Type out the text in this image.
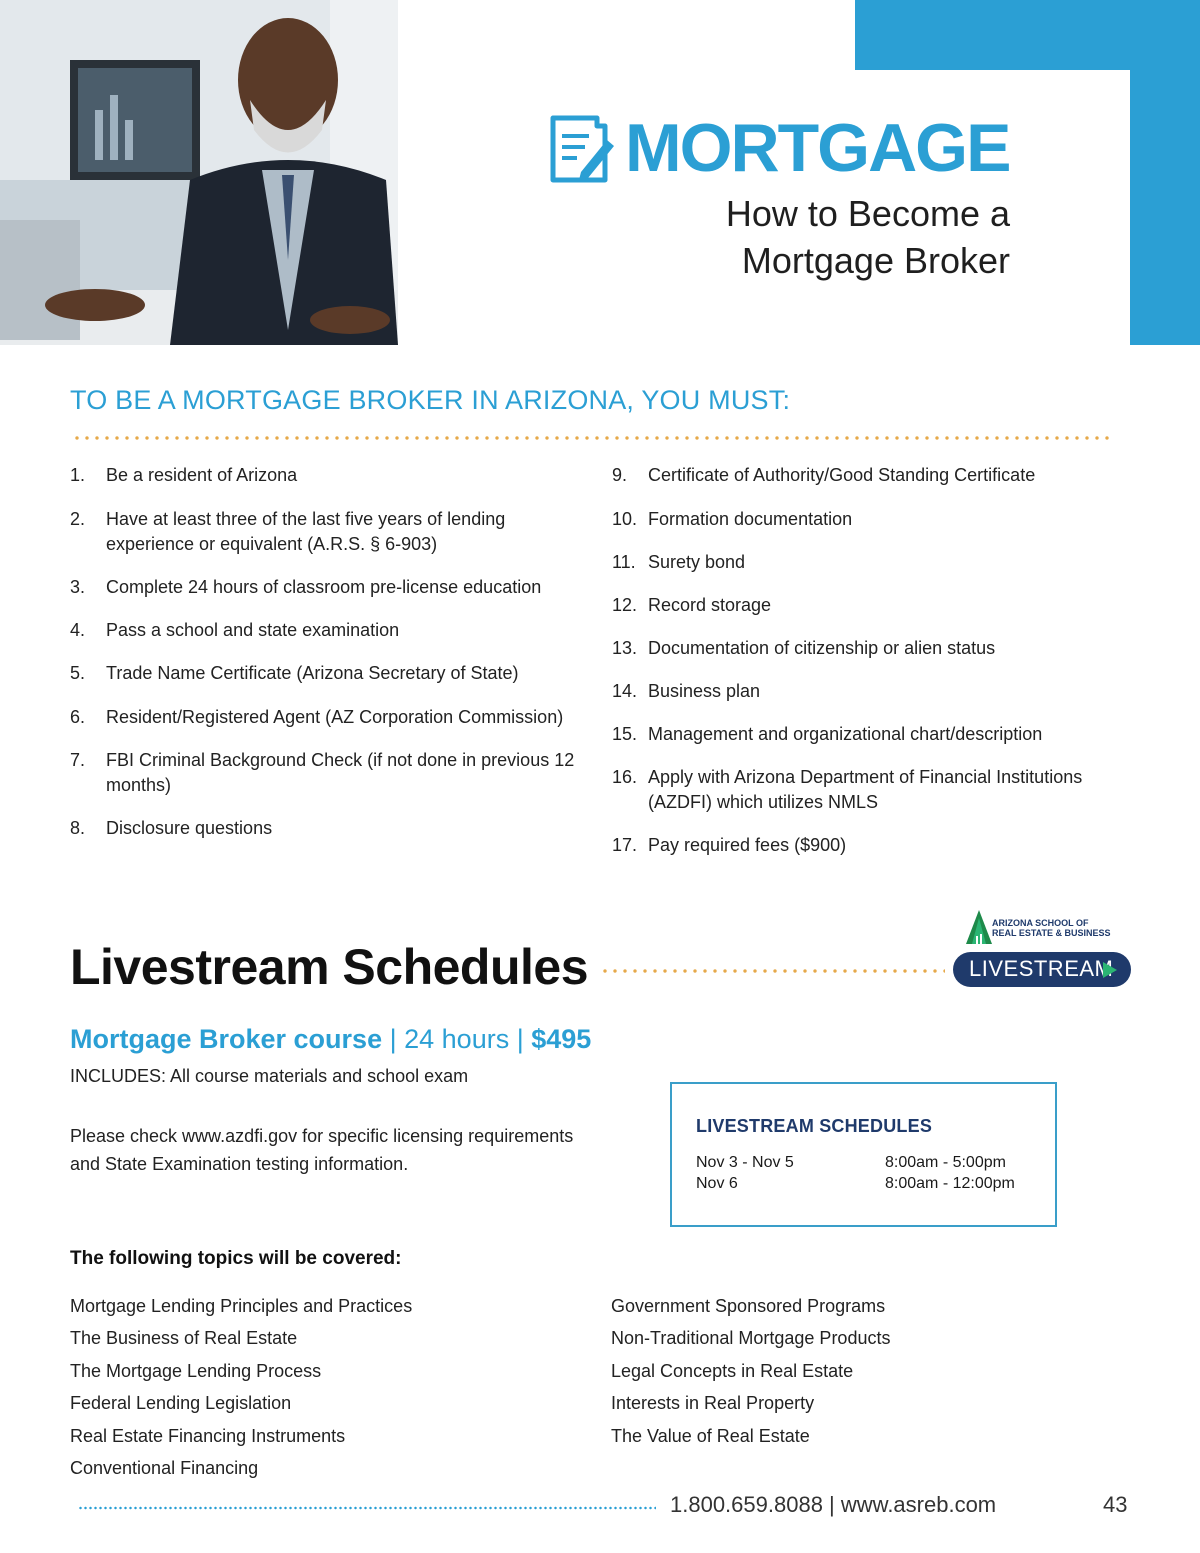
MORTGAGE
How to Become a
Mortgage Broker
TO BE A MORTGAGE BROKER IN ARIZONA, YOU MUST:
1. Be a resident of Arizona
2. Have at least three of the last five years of lending experience or equivalent (A.R.S. § 6-903)
3. Complete 24 hours of classroom pre-license education
4. Pass a school and state examination
5. Trade Name Certificate (Arizona Secretary of State)
6. Resident/Registered Agent (AZ Corporation Commission)
7. FBI Criminal Background Check (if not done in previous 12 months)
8. Disclosure questions
9. Certificate of Authority/Good Standing Certificate
10. Formation documentation
11. Surety bond
12. Record storage
13. Documentation of citizenship or alien status
14. Business plan
15. Management and organizational chart/description
16. Apply with Arizona Department of Financial Institutions (AZDFI) which utilizes NMLS
17. Pay required fees ($900)
Livestream Schedules
ARIZONA SCHOOL OF
REAL ESTATE & BUSINESS
LIVESTREAM
Mortgage Broker course | 24 hours | $495
INCLUDES: All course materials and school exam
Please check www.azdfi.gov for specific licensing requirements and State Examination testing information.
LIVESTREAM SCHEDULES
Nov 3 - Nov 5	8:00am - 5:00pm
Nov 6	8:00am - 12:00pm
The following topics will be covered:
Mortgage Lending Principles and Practices
The Business of Real Estate
The Mortgage Lending Process
Federal Lending Legislation
Real Estate Financing Instruments
Conventional Financing
Government Sponsored Programs
Non-Traditional Mortgage Products
Legal Concepts in Real Estate
Interests in Real Property
The Value of Real Estate
1.800.659.8088 | www.asreb.com	43
